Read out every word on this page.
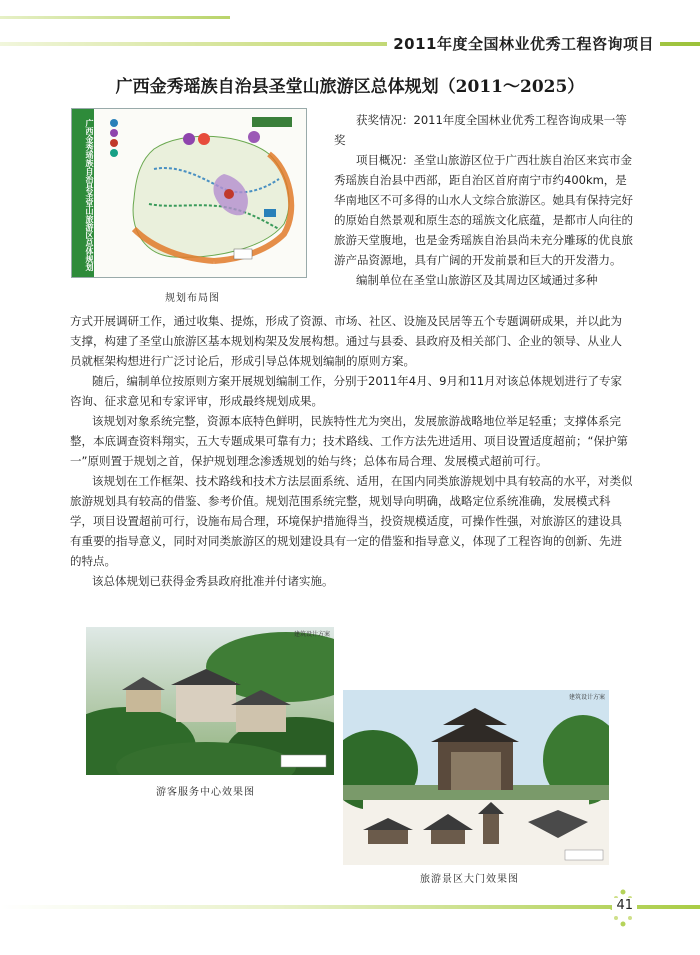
2011年度全国林业优秀工程咨询项目
广西金秀瑶族自治县圣堂山旅游区总体规划（2011～2025）
广西金秀瑶族自治县圣堂山旅游区总体规划
规划布局图

获奖情况：2011年度全国林业优秀工程咨询成果一等奖

项目概况：圣堂山旅游区位于广西壮族自治区来宾市金秀瑶族自治县中西部，距自治区首府南宁市约400km，是华南地区不可多得的山水人文综合旅游区。她具有保持完好的原始自然景观和原生态的瑶族文化底蕴，是都市人向往的旅游天堂腹地，也是金秀瑶族自治县尚未充分雕琢的优良旅游产品资源地，具有广阔的开发前景和巨大的开发潜力。

编制单位在圣堂山旅游区及其周边区域通过多种

方式开展调研工作，通过收集、提炼，形成了资源、市场、社区、设施及民居等五个专题调研成果，并以此为支撑，构建了圣堂山旅游区基本规划构架及发展构想。通过与县委、县政府及相关部门、企业的领导、从业人员就框架构想进行广泛讨论后，形成引导总体规划编制的原则方案。

随后，编制单位按原则方案开展规划编制工作，分别于2011年4月、9月和11月对该总体规划进行了专家咨询、征求意见和专家评审，形成最终规划成果。

该规划对象系统完整，资源本底特色鲜明，民族特性尤为突出，发展旅游战略地位举足轻重；支撑体系完整，本底调查资料翔实，五大专题成果可靠有力；技术路线、工作方法先进适用、项目设置适度超前；“保护第一”原则置于规划之首，保护规划理念渗透规划的始与终；总体布局合理、发展模式超前可行。

该规划在工作框架、技术路线和技术方法层面系统、适用，在国内同类旅游规划中具有较高的水平，对类似旅游规划具有较高的借鉴、参考价值。规划范围系统完整，规划导向明确，战略定位系统准确，发展模式科学，项目设置超前可行，设施布局合理，环境保护措施得当，投资规模适度，可操作性强，对旅游区的建设具有重要的指导意义，同时对同类旅游区的规划建设具有一定的借鉴和指导意义，体现了工程咨询的创新、先进的特点。

该总体规划已获得金秀县政府批准并付诸实施。

建筑设计方案
游客服务中心效果图
建筑设计方案
旅游景区大门效果图
41
